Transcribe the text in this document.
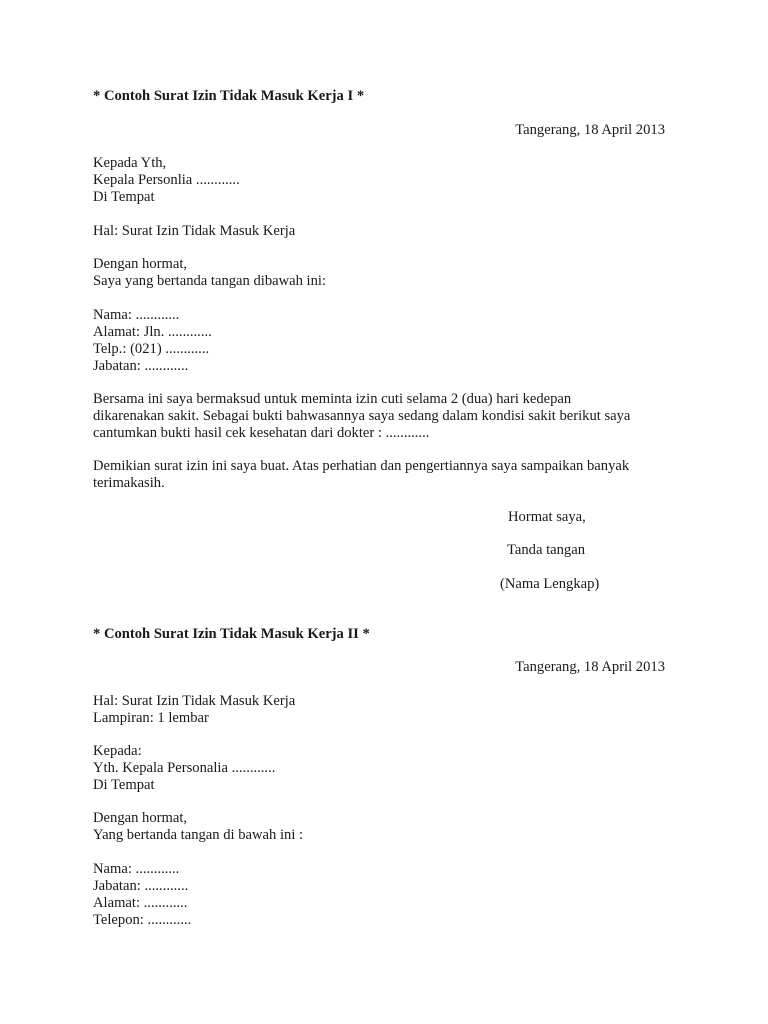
* Contoh Surat Izin Tidak Masuk Kerja I *
Tangerang, 18 April 2013
Kepada Yth,
Kepala Personlia ............
Di Tempat
Hal: Surat Izin Tidak Masuk Kerja
Dengan hormat,
Saya yang bertanda tangan dibawah ini:
Nama: ............
Alamat: Jln. ............
Telp.: (021) ............
Jabatan: ............
Bersama ini saya bermaksud untuk meminta izin cuti selama 2 (dua) hari kedepan
dikarenakan sakit. Sebagai bukti bahwasannya saya sedang dalam kondisi sakit berikut saya
cantumkan bukti hasil cek kesehatan dari dokter : ............
Demikian surat izin ini saya buat. Atas perhatian dan pengertiannya saya sampaikan banyak
terimakasih.
Hormat saya,
Tanda tangan
(Nama Lengkap)
* Contoh Surat Izin Tidak Masuk Kerja II *
Tangerang, 18 April 2013
Hal: Surat Izin Tidak Masuk Kerja
Lampiran: 1 lembar
Kepada:
Yth. Kepala Personalia ............
Di Tempat
Dengan hormat,
Yang bertanda tangan di bawah ini :
Nama: ............
Jabatan: ............
Alamat: ............
Telepon: ............
